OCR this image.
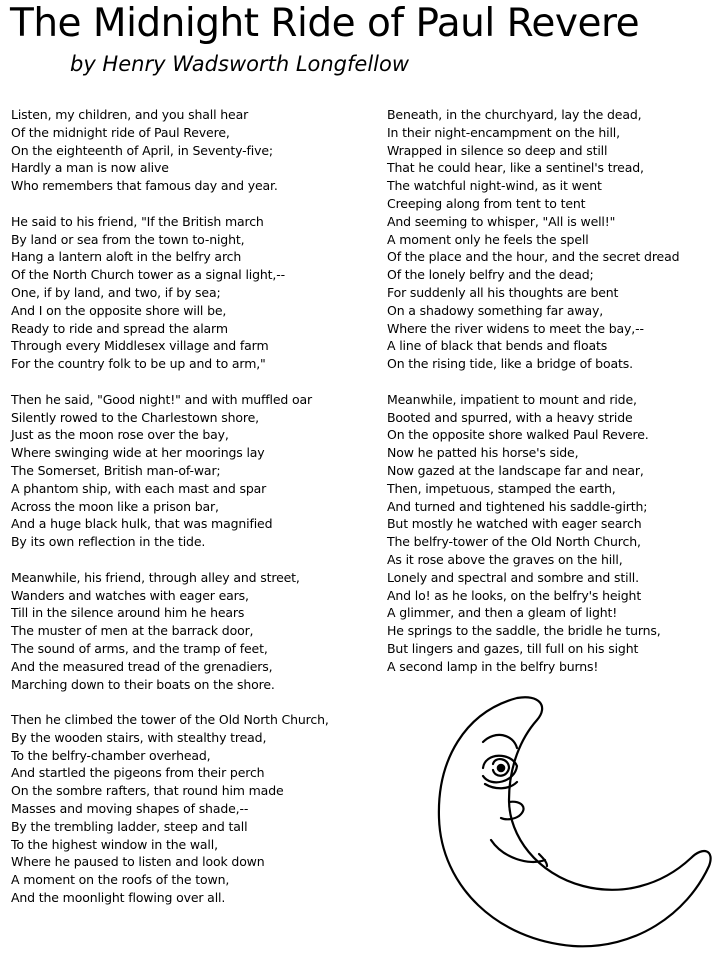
The Midnight Ride of Paul Revere
by Henry Wadsworth Longfellow
Listen, my children, and you shall hear
Of the midnight ride of Paul Revere,
On the eighteenth of April, in Seventy-five;
Hardly a man is now alive
Who remembers that famous day and year.
He said to his friend, "If the British march
By land or sea from the town to-night,
Hang a lantern aloft in the belfry arch
Of the North Church tower as a signal light,--
One, if by land, and two, if by sea;
And I on the opposite shore will be,
Ready to ride and spread the alarm
Through every Middlesex village and farm
For the country folk to be up and to arm,"
Then he said, "Good night!" and with muffled oar
Silently rowed to the Charlestown shore,
Just as the moon rose over the bay,
Where swinging wide at her moorings lay
The Somerset, British man-of-war;
A phantom ship, with each mast and spar
Across the moon like a prison bar,
And a huge black hulk, that was magnified
By its own reflection in the tide.
Meanwhile, his friend, through alley and street,
Wanders and watches with eager ears,
Till in the silence around him he hears
The muster of men at the barrack door,
The sound of arms, and the tramp of feet,
And the measured tread of the grenadiers,
Marching down to their boats on the shore.
Then he climbed the tower of the Old North Church,
By the wooden stairs, with stealthy tread,
To the belfry-chamber overhead,
And startled the pigeons from their perch
On the sombre rafters, that round him made
Masses and moving shapes of shade,--
By the trembling ladder, steep and tall
To the highest window in the wall,
Where he paused to listen and look down
A moment on the roofs of the town,
And the moonlight flowing over all.
Beneath, in the churchyard, lay the dead,
In their night-encampment on the hill,
Wrapped in silence so deep and still
That he could hear, like a sentinel's tread,
The watchful night-wind, as it went
Creeping along from tent to tent
And seeming to whisper, "All is well!"
A moment only he feels the spell
Of the place and the hour, and the secret dread
Of the lonely belfry and the dead;
For suddenly all his thoughts are bent
On a shadowy something far away,
Where the river widens to meet the bay,--
A line of black that bends and floats
On the rising tide, like a bridge of boats.
Meanwhile, impatient to mount and ride,
Booted and spurred, with a heavy stride
On the opposite shore walked Paul Revere.
Now he patted his horse's side,
Now gazed at the landscape far and near,
Then, impetuous, stamped the earth,
And turned and tightened his saddle-girth;
But mostly he watched with eager search
The belfry-tower of the Old North Church,
As it rose above the graves on the hill,
Lonely and spectral and sombre and still.
And lo! as he looks, on the belfry's height
A glimmer, and then a gleam of light!
He springs to the saddle, the bridle he turns,
But lingers and gazes, till full on his sight
A second lamp in the belfry burns!
